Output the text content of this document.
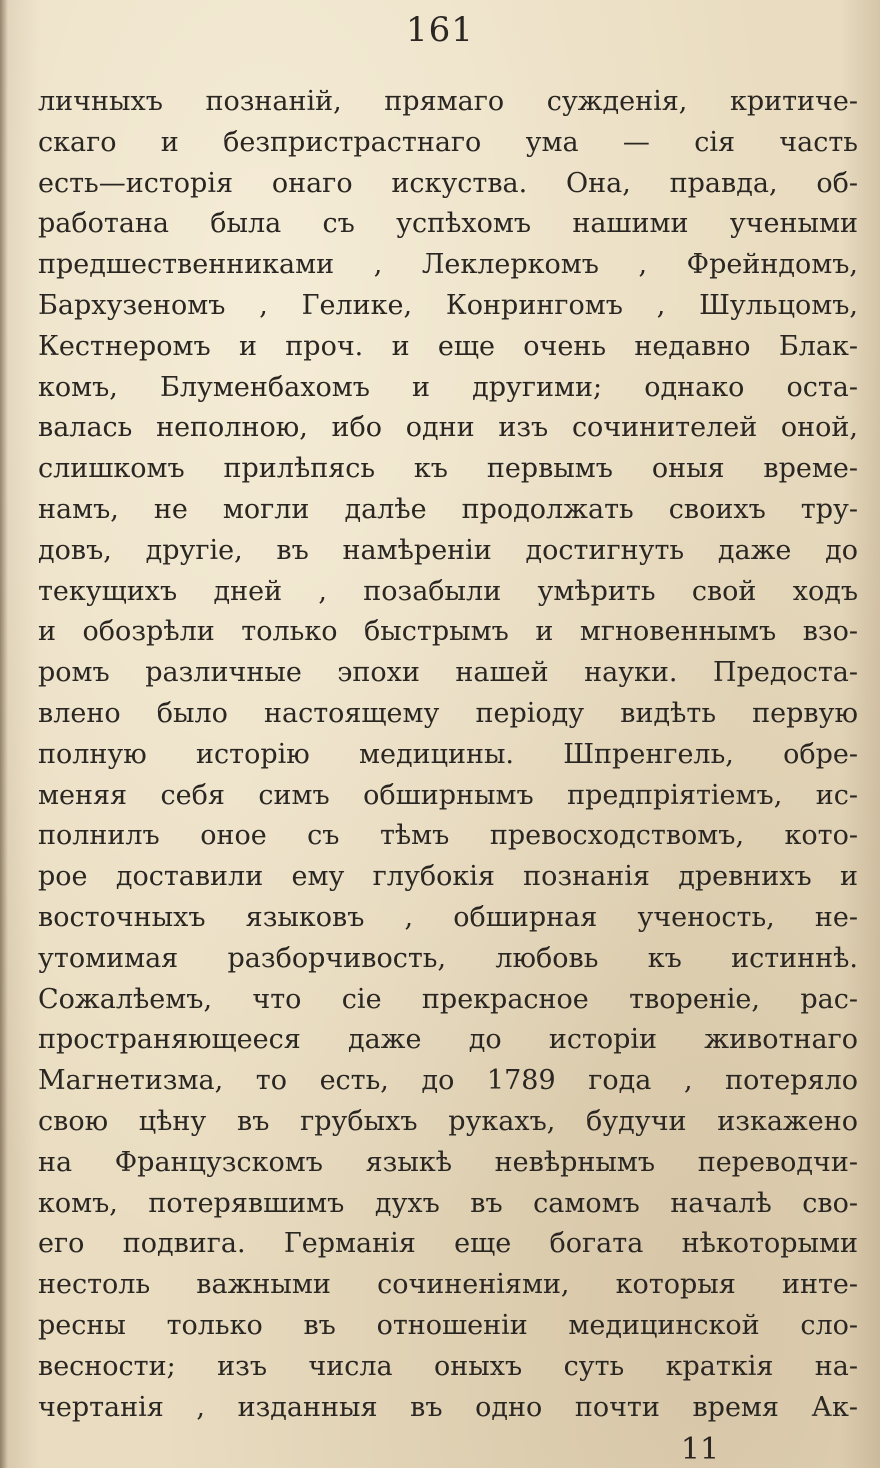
161
личныхъ познаній, прямаго сужденія, критиче-
скаго и безпристрастнаго ума — сія часть
есть—исторія онаго искуства. Она, правда, об-
работана была съ успѣхомъ нашими учеными
предшественниками , Леклеркомъ , Фрейндомъ,
Бархузеномъ , Гелике, Конрингомъ , Шульцомъ,
Кестнеромъ и проч. и еще очень недавно Блак-
комъ, Блуменбахомъ и другими; однако оста-
валась неполною, ибо одни изъ сочинителей оной,
слишкомъ прилѣпясь къ первымъ оныя време-
намъ, не могли далѣе продолжать своихъ тру-
довъ, другіе, въ намѣреніи достигнуть даже до
текущихъ дней , позабыли умѣрить свой ходъ
и обозрѣли только быстрымъ и мгновеннымъ взо-
ромъ различные эпохи нашей науки. Предоста-
влено было настоящему періоду видѣть первую
полную исторію медицины. Шпренгель, обре-
меняя себя симъ обширнымъ предпріятіемъ, ис-
полнилъ оное съ тѣмъ превосходствомъ, кото-
рое доставили ему глубокія познанія древнихъ и
восточныхъ языковъ , обширная ученость, не-
утомимая разборчивость, любовь къ истиннѣ.
Сожалѣемъ, что сіе прекрасное твореніе, рас-
пространяющееся даже до исторіи животнаго
Магнетизма, то есть, до 1789 года , потеряло
свою цѣну въ грубыхъ рукахъ, будучи изкажено
на Французскомъ языкѣ невѣрнымъ переводчи-
комъ, потерявшимъ духъ въ самомъ началѣ сво-
его подвига. Германія еще богата нѣкоторыми
нестоль важными сочиненіями, которыя инте-
ресны только въ отношеніи медицинской сло-
весности; изъ числа оныхъ суть краткія на-
чертанія , изданныя въ одно почти время Ак-
11
